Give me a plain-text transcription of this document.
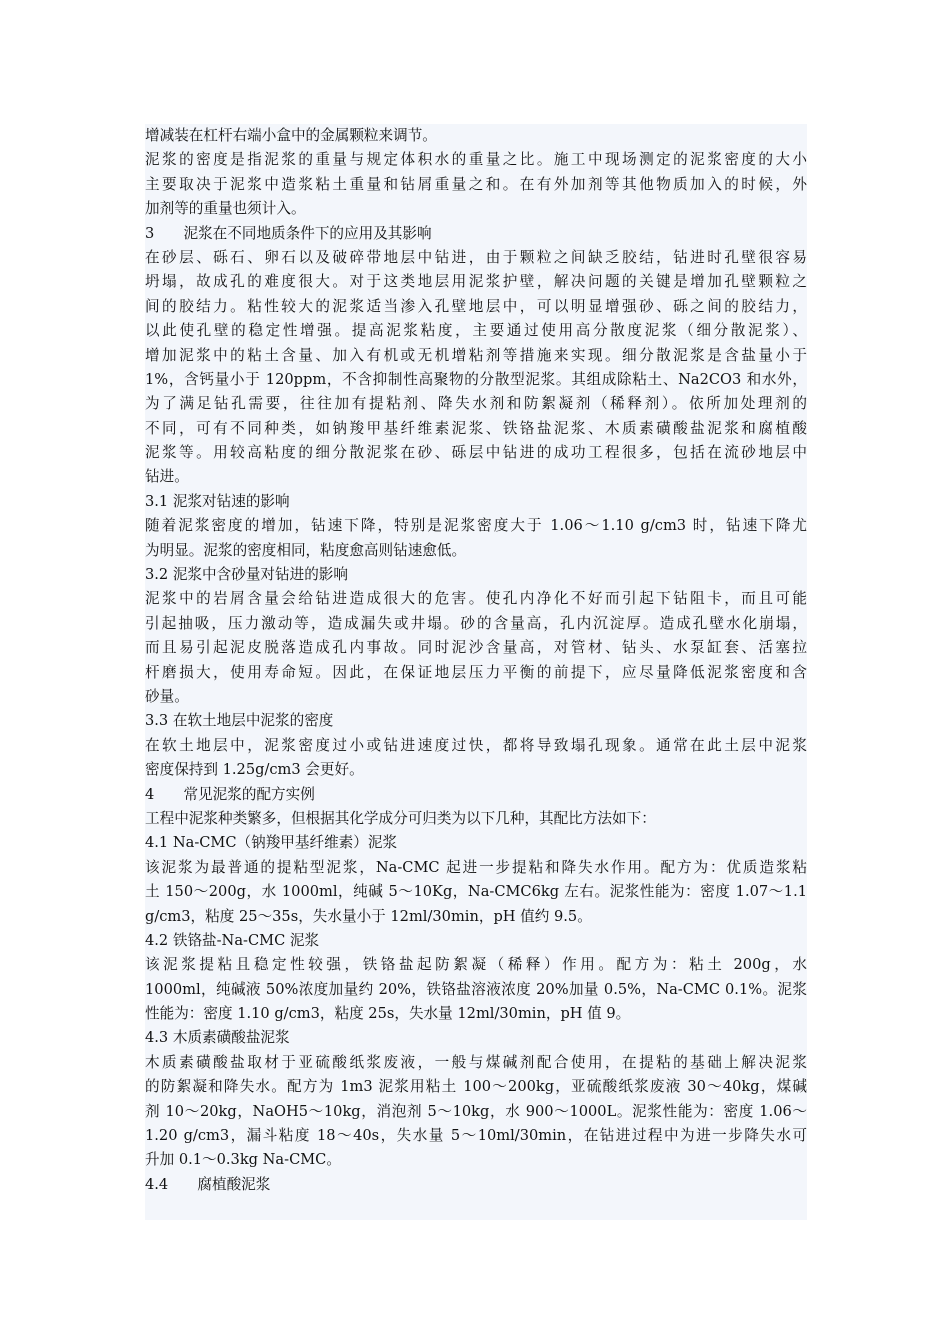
增减装在杠杆右端小盒中的金属颗粒来调节。
泥浆的密度是指泥浆的重量与规定体积水的重量之比。施工中现场测定的泥浆密度的大小
主要取决于泥浆中造浆粘土重量和钻屑重量之和。在有外加剂等其他物质加入的时候，外
加剂等的重量也须计入。
3　　泥浆在不同地质条件下的应用及其影响
在砂层、砾石、卵石以及破碎带地层中钻进，由于颗粒之间缺乏胶结，钻进时孔壁很容易
坍塌，故成孔的难度很大。对于这类地层用泥浆护壁，解决问题的关键是增加孔壁颗粒之
间的胶结力。粘性较大的泥浆适当渗入孔壁地层中，可以明显增强砂、砾之间的胶结力，
以此使孔壁的稳定性增强。提高泥浆粘度，主要通过使用高分散度泥浆（细分散泥浆）、
增加泥浆中的粘土含量、加入有机或无机增粘剂等措施来实现。细分散泥浆是含盐量小于
1%，含钙量小于 120ppm，不含抑制性高聚物的分散型泥浆。其组成除粘土、Na2CO3 和水外，
为了满足钻孔需要，往往加有提粘剂、降失水剂和防絮凝剂（稀释剂）。依所加处理剂的
不同，可有不同种类，如钠羧甲基纤维素泥浆、铁铬盐泥浆、木质素磺酸盐泥浆和腐植酸
泥浆等。用较高粘度的细分散泥浆在砂、砾层中钻进的成功工程很多，包括在流砂地层中
钻进。
3.1 泥浆对钻速的影响
随着泥浆密度的增加，钻速下降，特别是泥浆密度大于 1.06～1.10 g/cm3 时，钻速下降尤
为明显。泥浆的密度相同，粘度愈高则钻速愈低。
3.2 泥浆中含砂量对钻进的影响
泥浆中的岩屑含量会给钻进造成很大的危害。使孔内净化不好而引起下钻阻卡，而且可能
引起抽吸，压力激动等，造成漏失或井塌。砂的含量高，孔内沉淀厚。造成孔壁水化崩塌，
而且易引起泥皮脱落造成孔内事故。同时泥沙含量高，对管材、钻头、水泵缸套、活塞拉
杆磨损大，使用寿命短。因此，在保证地层压力平衡的前提下，应尽量降低泥浆密度和含
砂量。
3.3 在软土地层中泥浆的密度
在软土地层中，泥浆密度过小或钻进速度过快，都将导致塌孔现象。通常在此土层中泥浆
密度保持到 1.25g/cm3 会更好。
4　　常见泥浆的配方实例
工程中泥浆种类繁多，但根据其化学成分可归类为以下几种，其配比方法如下：
4.1 Na-CMC（钠羧甲基纤维素）泥浆
该泥浆为最普通的提粘型泥浆，Na-CMC 起进一步提粘和降失水作用。配方为：优质造浆粘
土 150～200g，水 1000ml，纯碱 5～10Kg，Na-CMC6kg 左右。泥浆性能为：密度 1.07～1.1
g/cm3，粘度 25～35s，失水量小于 12ml/30min，pH 值约 9.5。
4.2 铁铬盐-Na-CMC 泥浆
该泥浆提粘且稳定性较强，铁铬盐起防絮凝（稀释）作用。配方为：粘土 200g，水
1000ml，纯碱液 50%浓度加量约 20%，铁铬盐溶液浓度 20%加量 0.5%，Na-CMC 0.1%。泥浆
性能为：密度 1.10 g/cm3，粘度 25s，失水量 12ml/30min，pH 值 9。
4.3 木质素磺酸盐泥浆
木质素磺酸盐取材于亚硫酸纸浆废液，一般与煤碱剂配合使用，在提粘的基础上解决泥浆
的防絮凝和降失水。配方为 1m3 泥浆用粘土 100～200kg，亚硫酸纸浆废液 30～40kg，煤碱
剂 10～20kg，NaOH5～10kg，消泡剂 5～10kg，水 900～1000L。泥浆性能为：密度 1.06～
1.20 g/cm3，漏斗粘度 18～40s，失水量 5～10ml/30min，在钻进过程中为进一步降失水可
升加 0.1～0.3kg Na-CMC。
4.4　　腐植酸泥浆
